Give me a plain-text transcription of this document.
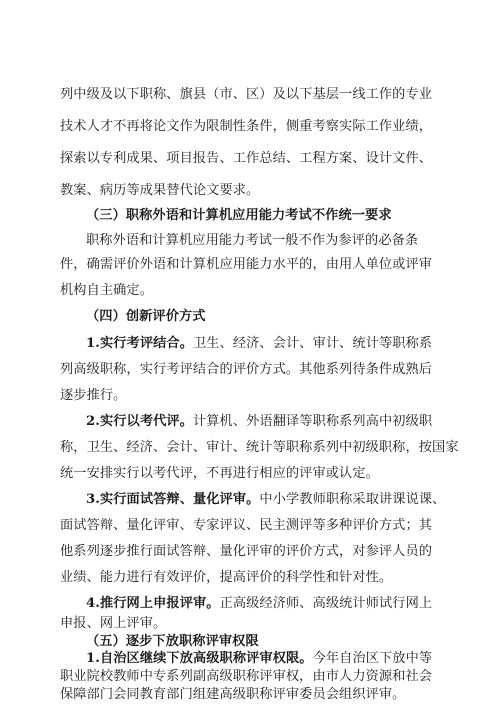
列中级及以下职称、旗县（市、区）及以下基层一线工作的专业
技术人才不再将论文作为限制性条件，侧重考察实际工作业绩，
探索以专利成果、项目报告、工作总结、工程方案、设计文件、
教案、病历等成果替代论文要求。
（三）职称外语和计算机应用能力考试不作统一要求
职称外语和计算机应用能力考试一般不作为参评的必备条
件，确需评价外语和计算机应用能力水平的，由用人单位或评审
机构自主确定。
（四）创新评价方式
1.实行考评结合。卫生、经济、会计、审计、统计等职称系
列高级职称，实行考评结合的评价方式。其他系列待条件成熟后
逐步推行。
2.实行以考代评。计算机、外语翻译等职称系列高中初级职
称，卫生、经济、会计、审计、统计等职称系列中初级职称，按国家
统一安排实行以考代评，不再进行相应的评审或认定。
3.实行面试答辩、量化评审。中小学教师职称采取讲课说课、
面试答辩、量化评审、专家评议、民主测评等多种评价方式；其
他系列逐步推行面试答辩、量化评审的评价方式，对参评人员的
业绩、能力进行有效评价，提高评价的科学性和针对性。
4.推行网上申报评审。正高级经济师、高级统计师试行网上
申报、网上评审。
（五）逐步下放职称评审权限
1.自治区继续下放高级职称评审权限。今年自治区下放中等
职业院校教师中专系列副高级职称评审权，由市人力资源和社会
保障部门会同教育部门组建高级职称评审委员会组织评审。
